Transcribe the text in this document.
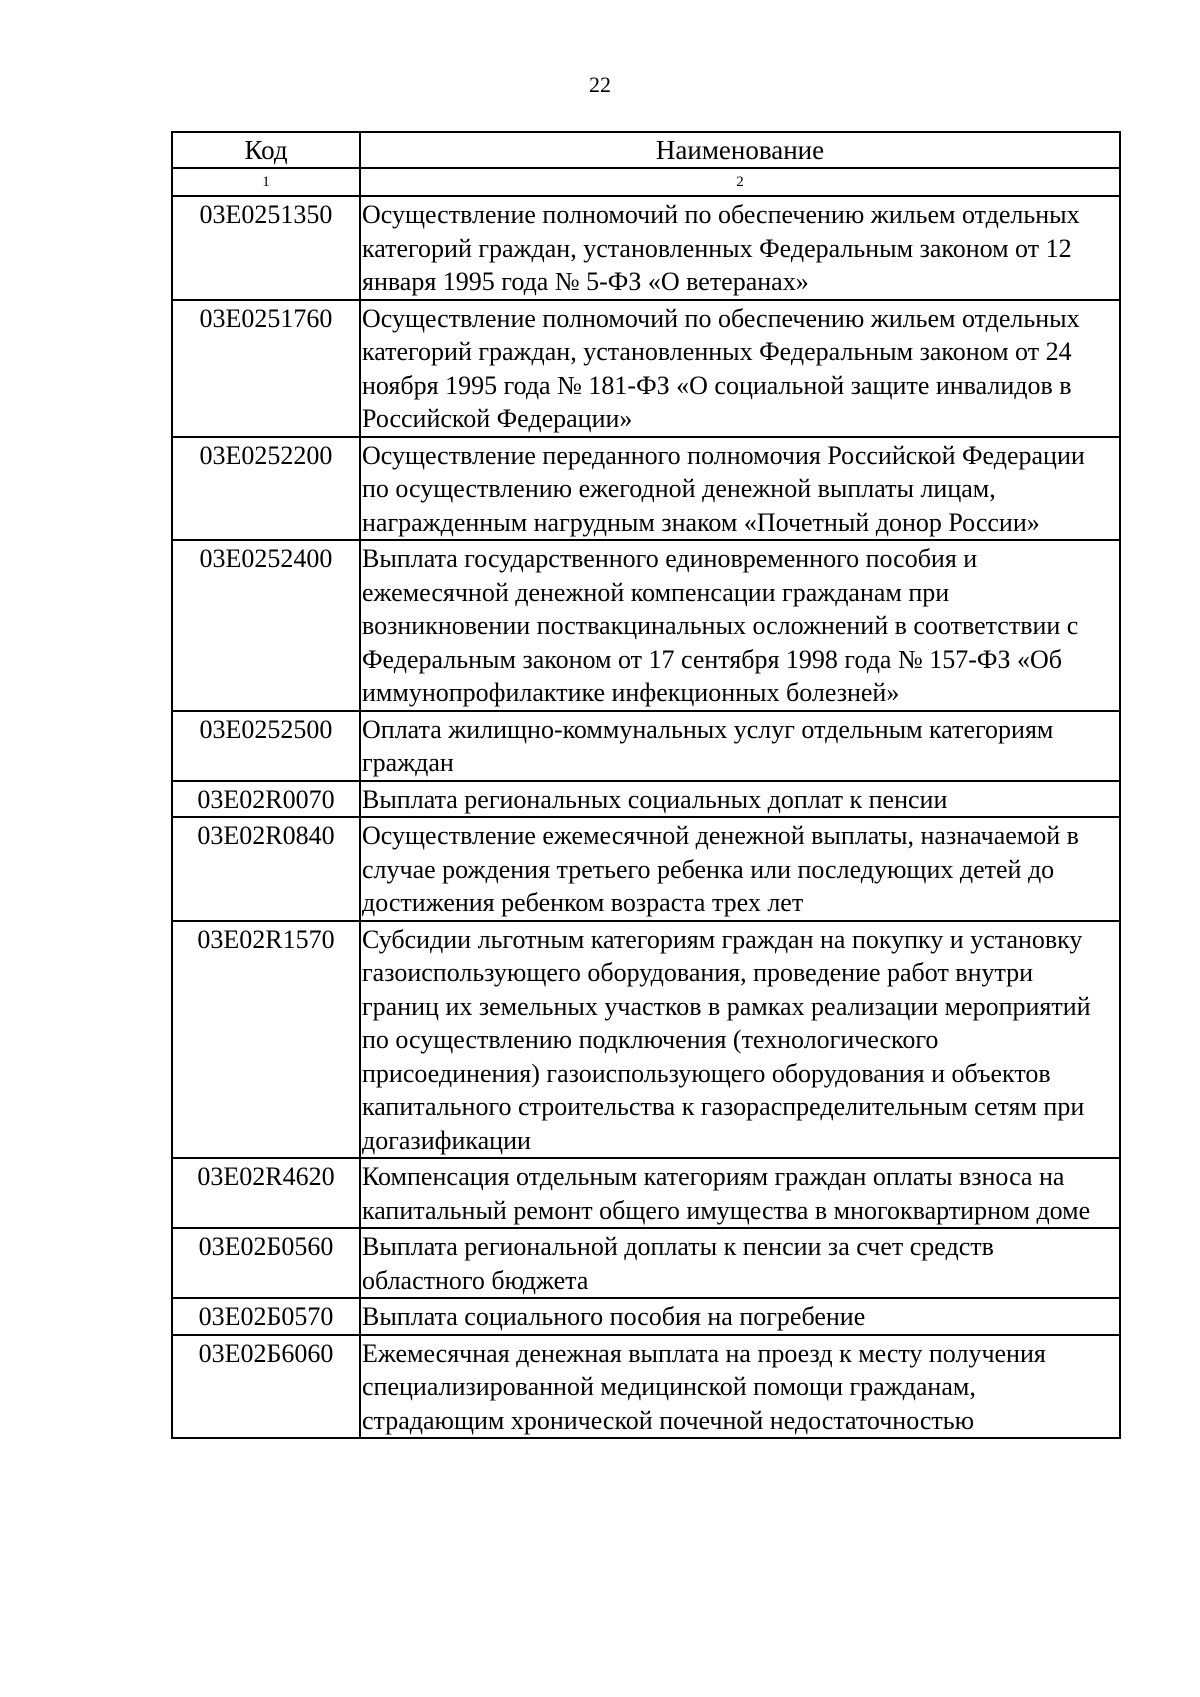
22
Код	Наименование
1	2
03Е0251350	Осуществление полномочий по обеспечению жильем отдельных категорий граждан, установленных Федеральным законом от 12 января 1995 года № 5-ФЗ «О ветеранах»
03Е0251760	Осуществление полномочий по обеспечению жильем отдельных категорий граждан, установленных Федеральным законом от 24 ноября 1995 года № 181-ФЗ «О социальной защите инвалидов в Российской Федерации»
03Е0252200	Осуществление переданного полномочия Российской Федерации по осуществлению ежегодной денежной выплаты лицам, награжденным нагрудным знаком «Почетный донор России»
03Е0252400	Выплата государственного единовременного пособия и ежемесячной денежной компенсации гражданам при возникновении поствакцинальных осложнений в соответствии с Федеральным законом от 17 сентября 1998 года № 157-ФЗ «Об иммунопрофилактике инфекционных болезней»
03Е0252500	Оплата жилищно-коммунальных услуг отдельным категориям граждан
03Е02R0070	Выплата региональных социальных доплат к пенсии
03Е02R0840	Осуществление ежемесячной денежной выплаты, назначаемой в случае рождения третьего ребенка или последующих детей до достижения ребенком возраста трех лет
03Е02R1570	Субсидии льготным категориям граждан на покупку и установку газоиспользующего оборудования, проведение работ внутри границ их земельных участков в рамках реализации мероприятий по осуществлению подключения (технологического присоединения) газоиспользующего оборудования и объектов капитального строительства к газораспределительным сетям при догазификации
03Е02R4620	Компенсация отдельным категориям граждан оплаты взноса на капитальный ремонт общего имущества в многоквартирном доме
03Е02Б0560	Выплата региональной доплаты к пенсии за счет средств областного бюджета
03Е02Б0570	Выплата социального пособия на погребение
03Е02Б6060	Ежемесячная денежная выплата на проезд к месту получения специализированной медицинской помощи гражданам, страдающим хронической почечной недостаточностью
